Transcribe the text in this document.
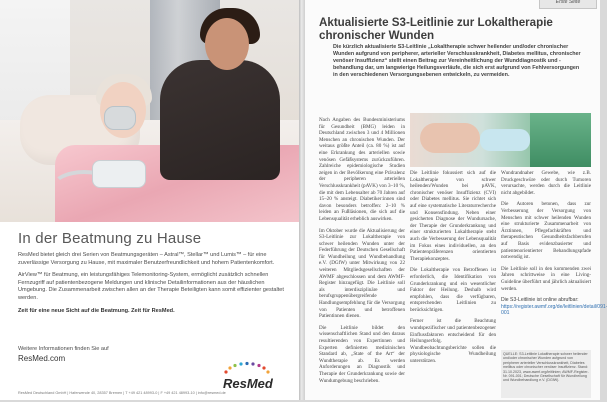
In der Beatmung zu Hause

ResMed bietet gleich drei Serien von Beatmungsgeräten – Astral™, Stellar™ und Lumis™ – für eine zuverlässige Versorgung zu Hause, mit maximaler Benutzerfreundlichkeit und hohem Patientenkomfort.

AirView™ für Beatmung, ein leistungsfähiges Telemonitoring-System, ermöglicht zusätzlich schnellen Fernzugriff auf patientenbezogene Meldungen und klinische Detailinformationen aus der häuslichen Umgebung. Die Zusammenarbeit zwischen allen an der Therapie Beteiligten kann somit effizienter gestaltet werden.

Zeit für eine neue Sicht auf die Beatmung. Zeit für ResMed.

Weitere Informationen finden Sie auf
ResMed.com
ResMed
ResMed Deutschland GmbH | Haferwende 40, 28357 Bremen | T +49 421 48993-0 | F +49 421 48993-10 | info@resmed.de
Erste Seite
Aktualisierte S3-Leitlinie zur Lokaltherapie chronischer Wunden
Die kürzlich aktualisierte S3-Leitlinie „Lokaltherapie schwer heilender und/oder chronischer Wunden aufgrund von peripherer, arterieller Verschlusskrankheit, Diabetes mellitus, chronischer venöser Insuffizienz“ stellt einen Beitrag zur Vereinheitlichung der Wunddiagnostik und -behandlung dar, um langwierige Heilungsverläufe, die sich erst aufgrund von Fehlversorgungen in den verschiedenen Versorgungsebenen entwickeln, zu vermeiden.

Nach Angaben des Bundesministeriums für Gesundheit (BMG) leiden in Deutschland zwischen 3 und 4 Millionen Menschen an chronischen Wunden. Der weitaus größte Anteil (ca. 80 %) ist auf eine Erkrankung des arteriellen sowie venösen Gefäßsystems zurückzuführen. Zahlreiche epidemiologische Studien zeigen in der Bevölkerung eine Prävalenz der peripheren arteriellen Verschlusskrankheit (pAVK) von 3–10 %, die mit dem Lebensalter ab 70 Jahren auf 15–20 % ansteigt. Diabetiker:innen sind davon besonders betroffen: 2–10 % leiden an Fußläsionen, die sich auf die Lebensqualität erheblich auswirken.

Im Oktober wurde die Aktualisierung der S3-Leitlinie zur Lokaltherapie von schwer heilenden Wunden unter der Federführung der Deutschen Gesellschaft für Wundheilung und Wundbehandlung e.V. (DGfW) unter Mitwirkung von 22 weiteren Mitgliedsgesellschaften der AWMF abgeschlossen und dem AWMF-Register hinzugefügt. Die Leitlinie soll als interdisziplinäre und berufsgruppenübergreifende Handlungsempfehlung für die Versorgung von Patienten und betroffenen Patientinnen dienen.

Die Leitlinie bildet den wissenschaftlichen Stand und den daraus resultierenden von Expertinnen und Experten definierten medizinischen Standard ab, „State of the Art“ der Wundtherapie ab. Es werden Anforderungen an Diagnostik und Therapie der Grunderkrankung sowie der Wundumgebung beschrieben.

Die Leitlinie fokussiert sich auf die Lokaltherapie von schwer heilenden/Wunden bei pAVK, chronischer venöser Insuffizienz (CVI) oder Diabetes mellitus. Sie richtet sich auf eine systematische Literaturrecherche und Konsensfindung. Neben einer gesicherten Diagnose der Wundursache, der Therapie der Grunderkrankung und einer strukturierten Lokaltherapie steht auch die Verbesserung der Lebensqualität im Fokus eines individuellen, an den Patientenpräferenzen orientierten Therapiekonzeptes.

Die Lokaltherapie von Betroffenen ist erforderlich, die Identifikation von Grunderkrankung und ein wesentlicher Faktor der Heilung. Deshalb wird empfohlen, dass die verfügbaren, entsprechenden Leitlinien zu berücksichtigen.

Ferner ist die Beachtung wundspezifischer und patientenbezogener Einflussfaktoren entscheidend für den Heilungserfolg. Wundbeobachtungsberichte sollen die physiologische Wundheilung unterstützen.

Wundrandnaher Gewebe, wie z.B. Druckgeschwüre oder durch Tumoren verursachte, werden durch die Leitlinie nicht abgebildet.

Die Autoren betonen, dass zur Verbesserung der Versorgung von Menschen mit schwer heilenden Wunden eine strukturierte Zusammenarbeit von Ärztinnen, Pflegefachkräften und therapeutischen Gesundheitsfachberufen auf Basis evidenzbasierter und patientenorientierter Behandlungspfade notwendig ist.

Die Leitlinie soll in den kommenden zwei Jahren schrittweise in eine Living-Guideline überführt und jährlich aktualisiert werden.

Die S3-Leitlinie ist online abrufbar:
https://register.awmf.org/de/leitlinien/detail/091-001

QUELLE: S3-Leitlinie Lokaltherapie schwer heilender und/oder chronischer Wunden aufgrund von peripherer arterieller Verschlusskrankheit, Diabetes mellitus oder chronischer venöser Insuffizienz. Stand: 31.10.2023, www.awmf.org/leitlinien; AWMF-Register-Nr. 091-001; Deutsche Gesellschaft für Wundheilung und Wundbehandlung e.V. (DGfW).
